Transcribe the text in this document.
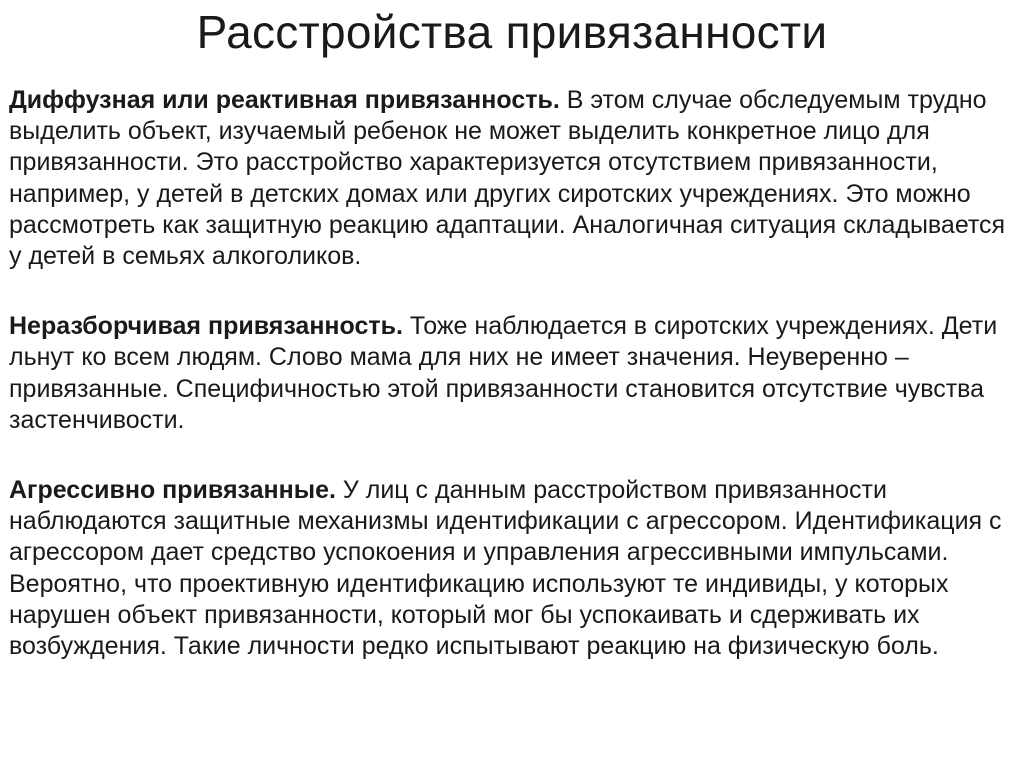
Расстройства привязанности

Диффузная или реактивная привязанность. В этом случае обследуемым трудно выделить объект, изучаемый ребенок не может выделить конкретное лицо для привязанности. Это расстройство характеризуется отсутствием привязанности, например, у детей в детских домах или других сиротских учреждениях. Это можно рассмотреть как защитную реакцию адаптации. Аналогичная ситуация складывается у детей в семьях алкоголиков.

Неразборчивая привязанность. Тоже наблюдается в сиротских учреждениях. Дети льнут ко всем людям. Слово мама для них не имеет значения. Неуверенно – привязанные. Специфичностью этой привязанности становится отсутствие чувства застенчивости.

Агрессивно привязанные. У лиц с данным расстройством привязанности наблюдаются защитные механизмы идентификации с агрессором. Идентификация с агрессором дает средство успокоения и управления агрессивными импульсами. Вероятно, что проективную идентификацию используют те индивиды, у которых нарушен объект привязанности, который мог бы успокаивать и сдерживать их возбуждения. Такие личности редко испытывают реакцию на физическую боль.
